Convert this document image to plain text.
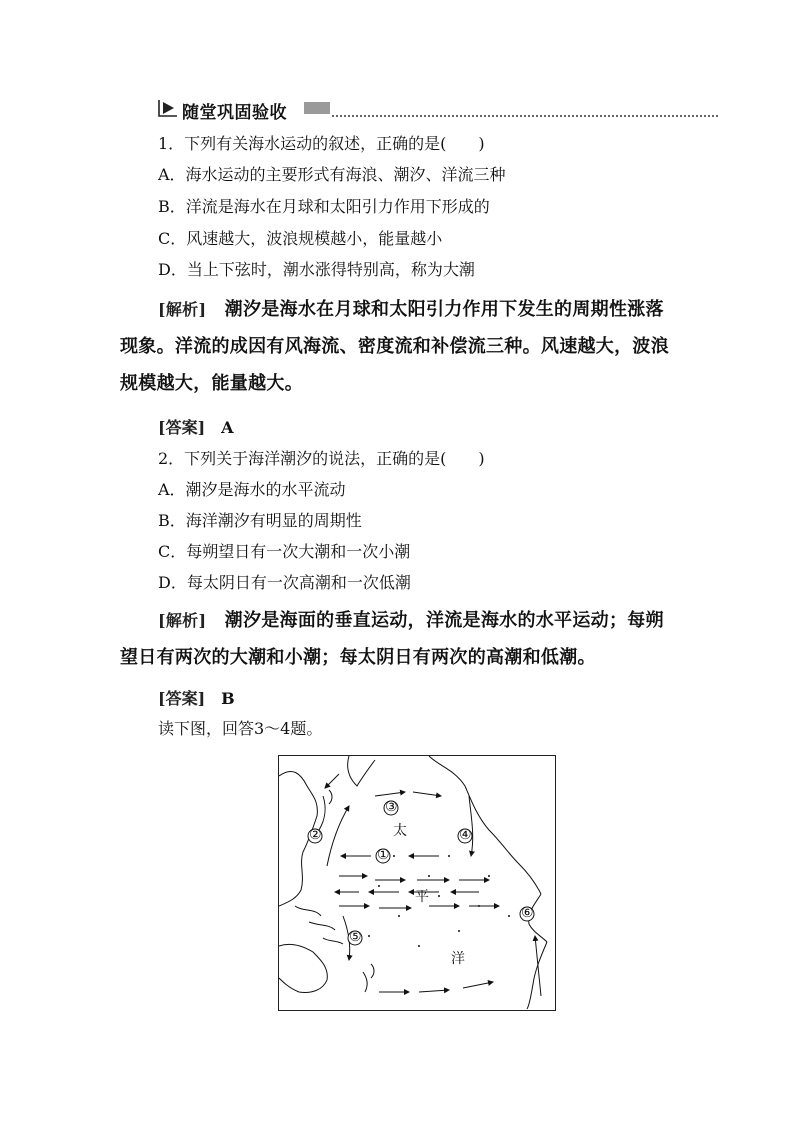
随堂巩固验收
1．下列有关海水运动的叙述，正确的是(　　)
A．海水运动的主要形式有海浪、潮汐、洋流三种
B．洋流是海水在月球和太阳引力作用下形成的
C．风速越大，波浪规模越小，能量越小
D．当上下弦时，潮水涨得特别高，称为大潮
[解析]　 潮汐是海水在月球和太阳引力作用下发生的周期性涨落现象。洋流的成因有风海流、密度流和补偿流三种。风速越大，波浪规模越大，能量越大。
[答案]　 A
2．下列关于海洋潮汐的说法，正确的是(　　)
A．潮汐是海水的水平流动
B．海洋潮汐有明显的周期性
C．每朔望日有一次大潮和一次小潮
D．每太阴日有一次高潮和一次低潮
[解析]　 潮汐是海面的垂直运动，洋流是海水的水平运动；每朔望日有两次的大潮和小潮；每太阴日有两次的高潮和低潮。
[答案]　 B
读下图，回答3～4题。
③
②	④
①
⑤
⑥
太
平
洋
